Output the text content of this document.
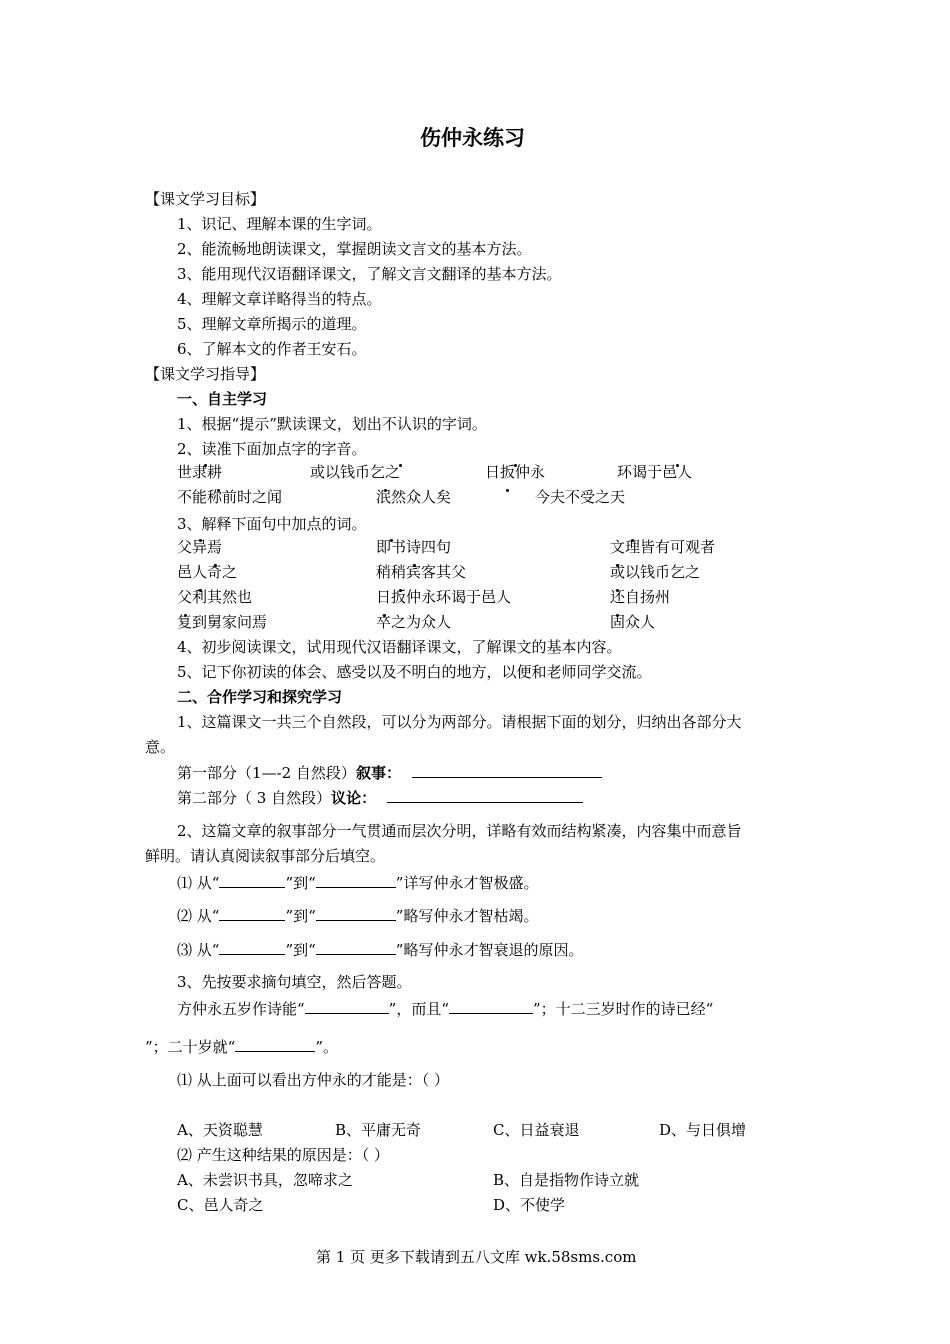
伤仲永练习
【课文学习目标】
1、识记、理解本课的生字词。
2、能流畅地朗读课文，掌握朗读文言文的基本方法。
3、能用现代汉语翻译课文，了解文言文翻译的基本方法。
4、理解文章详略得当的特点。
5、理解文章所揭示的道理。
6、了解本文的作者王安石。
【课文学习指导】
一、自主学习
1、根据“提示”默读课文，划出不认识的字词。
2、读准下面加点字的字音。
世隶耕	或以钱币乞之	日扳仲永	环谒于邑人
不能称前时之闻	泯然众人矣	今夫不受之天
3、解释下面句中加点的词。
父异焉	即书诗四句	文理皆有可观者
邑人奇之	稍稍宾客其父	或以钱币乞之
父利其然也	日扳仲永环谒于邑人	还自扬州
复到舅家问焉	卒之为众人	固众人
4、初步阅读课文，试用现代汉语翻译课文，了解课文的基本内容。
5、记下你初读的体会、感受以及不明白的地方，以便和老师同学交流。
二、合作学习和探究学习
1、这篇课文一共三个自然段，可以分为两部分。请根据下面的划分，归纳出各部分大
意。
第一部分（1—-2 自然段）叙事：
第二部分（ 3 自然段）议论：
2、这篇文章的叙事部分一气贯通而层次分明，详略有效而结构紧凑，内容集中而意旨
鲜明。请认真阅读叙事部分后填空。
⑴ 从“	”到“	”详写仲永才智极盛。
⑵ 从“	”到“	”略写仲永才智枯竭。
⑶ 从“	”到“	”略写仲永才智衰退的原因。
3、先按要求摘句填空，然后答题。
方仲永五岁作诗能“	”，而且“	”；十二三岁时作的诗已经“
”；二十岁就“	”。
⑴ 从上面可以看出方仲永的才能是：（ ）
A、天资聪慧	B、平庸无奇	C、日益衰退	D、与日俱增
⑵ 产生这种结果的原因是：（ ）
A、未尝识书具，忽啼求之	B、自是指物作诗立就
C、邑人奇之	D、不使学
第 1 页 更多下载请到五八文库 wk.58sms.com
